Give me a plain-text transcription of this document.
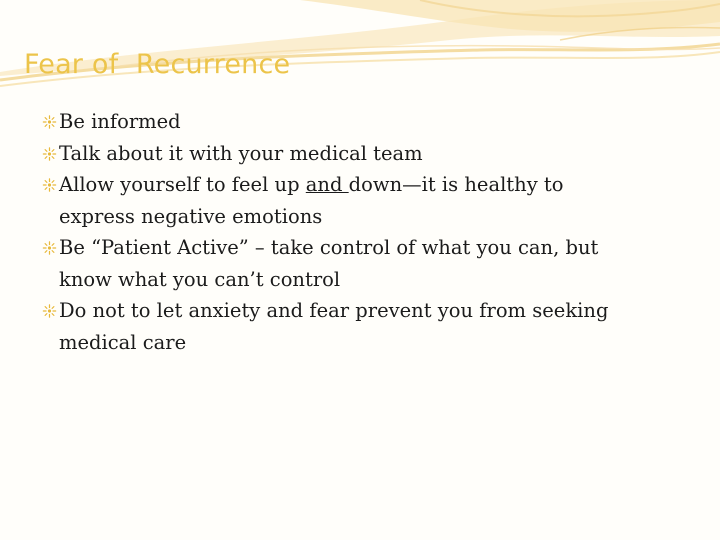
Fear of  Recurrence
Be informed
Talk about it with your medical team
Allow yourself to feel up and down—it is healthy to express negative emotions
Be “Patient Active” – take control of what you can, but know what you can’t control
Do not to let anxiety and fear prevent you from seeking medical care
